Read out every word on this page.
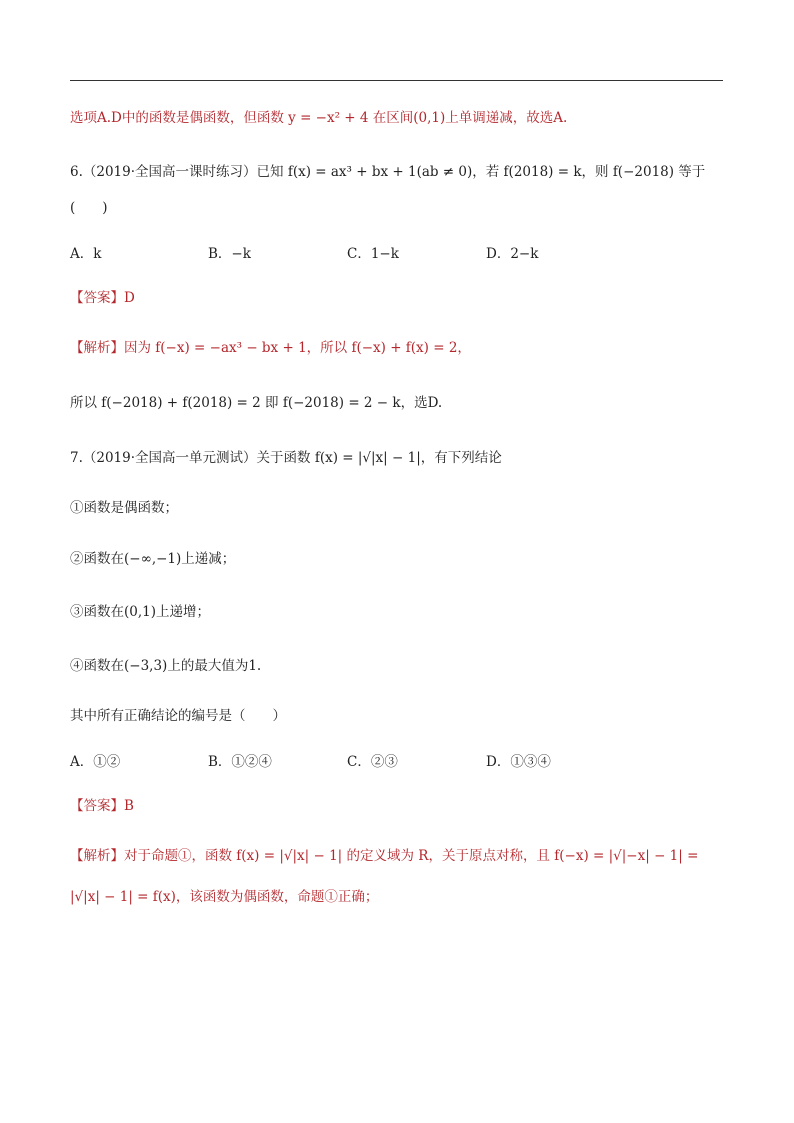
选项A.D中的函数是偶函数，但函数 y = −x² + 4 在区间(0,1)上单调递减，故选A.
6.（2019·全国高一课时练习）已知 f(x) = ax³ + bx + 1(ab ≠ 0)，若 f(2018) = k，则 f(−2018) 等于
(　　)
A．k	B．−k	C．1−k	D．2−k
【答案】D
【解析】因为 f(−x) = −ax³ − bx + 1，所以 f(−x) + f(x) = 2，
所以 f(−2018) + f(2018) = 2 即 f(−2018) = 2 − k，选D.
7.（2019·全国高一单元测试）关于函数 f(x) = |√|x| − 1|，有下列结论
①函数是偶函数；
②函数在(−∞,−1)上递减；
③函数在(0,1)上递增；
④函数在(−3,3)上的最大值为1.
其中所有正确结论的编号是（　　）
A．①②	B．①②④	C．②③	D．①③④
【答案】B
【解析】对于命题①，函数 f(x) = |√|x| − 1| 的定义域为 R，关于原点对称，且 f(−x) = |√|−x| − 1| =
|√|x| − 1| = f(x)，该函数为偶函数，命题①正确；
